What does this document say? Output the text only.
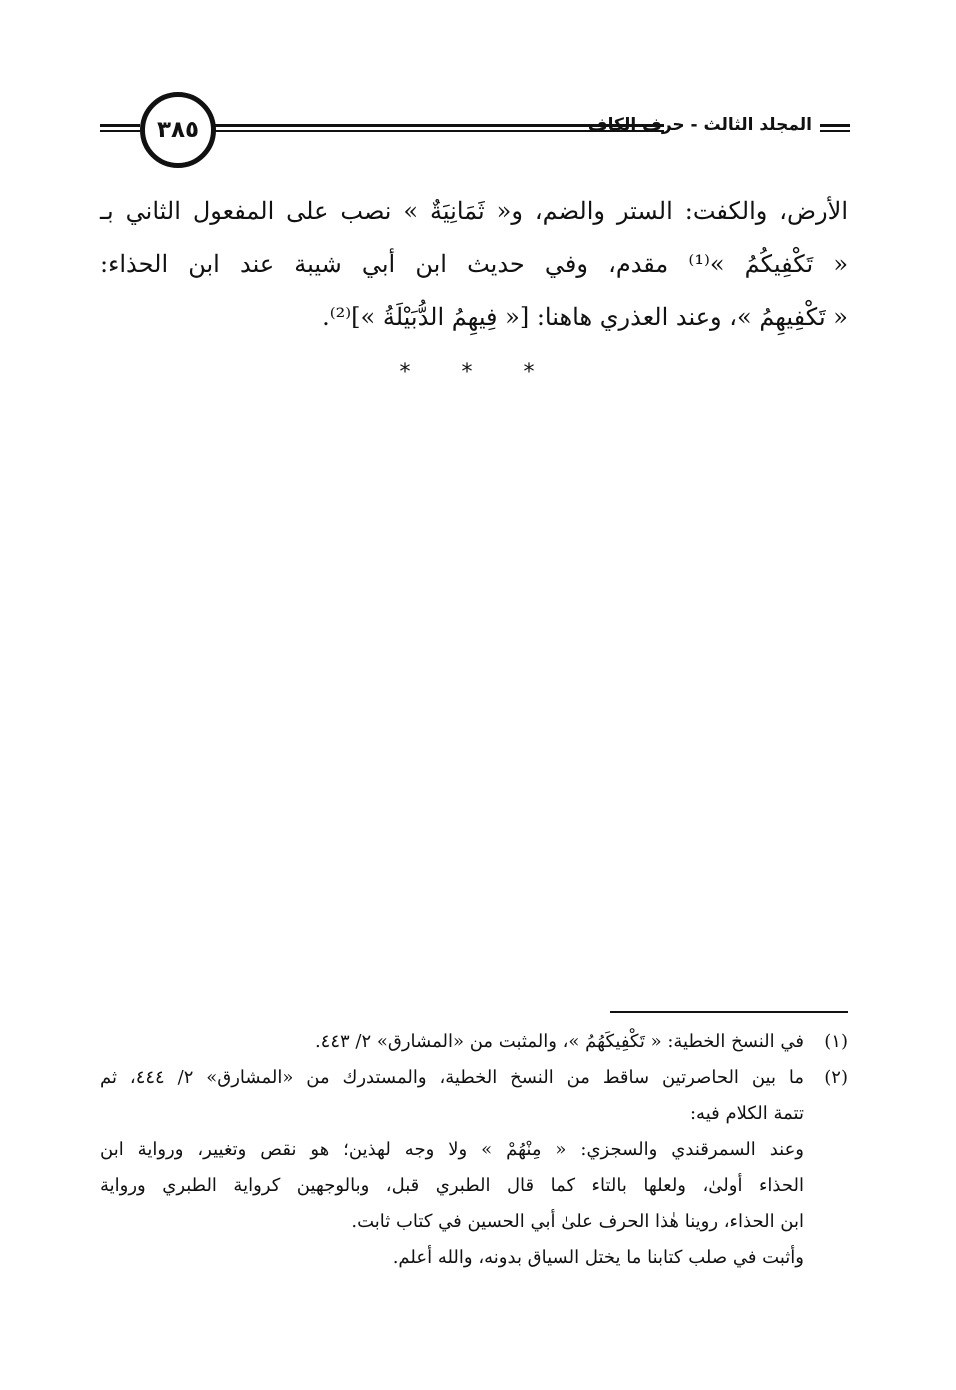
٣٨٥	المجلد الثالث - حرف الكاف
الأرض، والكفت: الستر والضم، و« ثَمَانِيَةٌ » نصب على المفعول الثاني بـ
« تَكْفِيكُمُ »⁽¹⁾ مقدم، وفي حديث ابن أبي شيبة عند ابن الحذاء:
« تَكْفِيهِمُ »، وعند العذري هاهنا: [« فِيهِمُ الدُّبَيْلَةُ »]⁽²⁾.
* * *
(١)
في النسخ الخطية: « تَكْفِيكَهُمُ »، والمثبت من «المشارق» ٢/ ٤٤٣.
(٢)
ما بين الحاصرتين ساقط من النسخ الخطية، والمستدرك من «المشارق» ٢/ ٤٤٤، ثم
تتمة الكلام فيه:
وعند السمرقندي والسجزي: « مِنْهُمْ » ولا وجه لهذين؛ هو نقص وتغيير، ورواية ابن
الحذاء أولىٰ، ولعلها بالتاء كما قال الطبري قبل، وبالوجهين كرواية الطبري ورواية
ابن الحذاء، روينا هٰذا الحرف علىٰ أبي الحسين في كتاب ثابت.
وأثبت في صلب كتابنا ما يختل السياق بدونه، والله أعلم.
